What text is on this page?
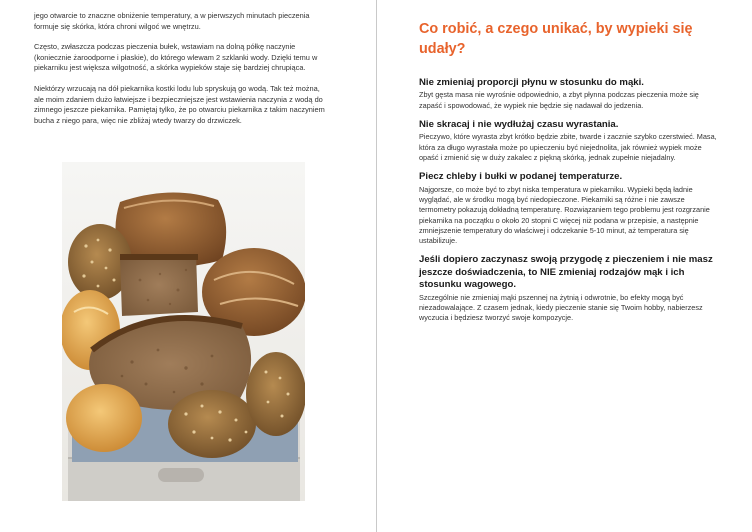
jego otwarcie to znaczne obniżenie temperatury, a w pierwszych minutach pieczenia formuje się skórka, która chroni wilgoć we wnętrzu.

Często, zwłaszcza podczas pieczenia bułek, wstawiam na dolną półkę naczynie (koniecznie żaroodporne i płaskie), do którego wlewam 2 szklanki wody. Dzięki temu w piekarniku jest większa wilgotność, a skórka wypieków staje się bardziej chrupiąca.

Niektórzy wrzucają na dół piekarnika kostki lodu lub spryskują go wodą. Tak też można, ale moim zdaniem dużo łatwiejsze i bezpieczniejsze jest wstawienia naczynia z wodą do zimnego jeszcze piekarnika. Pamiętaj tylko, że po otwarciu piekarnika z takim naczyniem bucha z niego para, więc nie zbliżaj wtedy twarzy do drzwiczek.

Co robić, a czego unikać, by wypieki się udały?
Nie zmieniaj proporcji płynu w stosunku do mąki.

Zbyt gęsta masa nie wyrośnie odpowiednio, a zbyt płynna podczas pieczenia może się zapaść i spowodować, że wypiek nie będzie się nadawał do jedzenia.

Nie skracaj i nie wydłużaj czasu wyrastania.

Pieczywo, które wyrasta zbyt krótko będzie zbite, twarde i zacznie szybko czerstwieć. Masa, która za długo wyrastała może po upieczeniu być niejednolita, jak również wypiek może opaść i zmienić się w duży zakalec z piękną skórką, jednak zupełnie niejadalny.

Piecz chleby i bułki w podanej temperaturze.

Najgorsze, co może być to zbyt niska temperatura w piekarniku. Wypieki będą ładnie wyglądać, ale w środku mogą być niedopieczone. Piekarniki są różne i nie zawsze termometry pokazują dokładną temperaturę. Rozwiązaniem tego problemu jest rozgrzanie piekarnika na początku o około 20 stopni C więcej niż podana w przepisie, a następnie zmniejszenie temperatury do właściwej i odczekanie 5-10 minut, aż temperatura się ustabilizuje.

Jeśli dopiero zaczynasz swoją przygodę z pieczeniem i nie masz jeszcze doświadczenia, to NIE zmieniaj rodzajów mąk i ich stosunku wagowego.

Szczególnie nie zmieniaj mąki pszennej na żytnią i odwrotnie, bo efekty mogą być niezadowalające. Z czasem jednak, kiedy pieczenie stanie się Twoim hobby, nabierzesz wyczucia i będziesz tworzyć swoje kompozycje.
